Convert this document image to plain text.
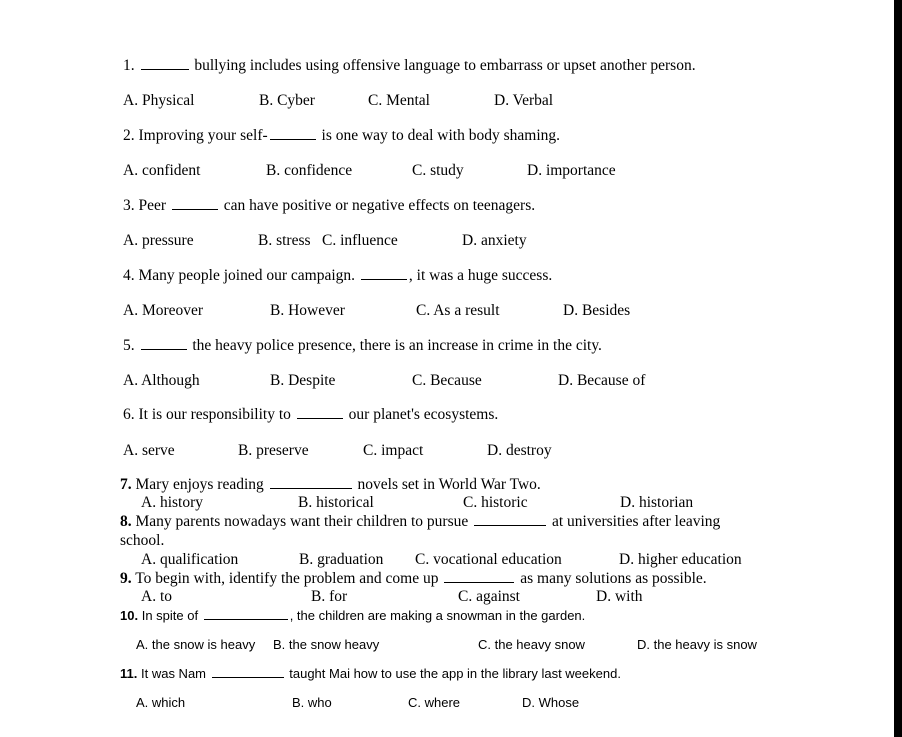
1.	bullying includes using offensive language to embarrass or upset another person.
A. Physical	B. Cyber	C. Mental	D. Verbal
2. Improving your self-	is one way to deal with body shaming.
A. confident	B. confidence	C. study	D. importance
3. Peer	can have positive or negative effects on teenagers.
A. pressure	B. stress C. influence	D. anxiety
4. Many people joined our campaign.	, it was a huge success.
A. Moreover	B. However	C. As a result	D. Besides
5.	the heavy police presence, there is an increase in crime in the city.
A. Although	B. Despite	C. Because	D. Because of
6. It is our responsibility to	our planet's ecosystems.
A. serve	B. preserve	C. impact	D. destroy
7. Mary enjoys reading	novels set in World War Two.
A. history	B. historical	C. historic	D. historian
8. Many parents nowadays want their children to pursue	at universities after leaving
school.
A. qualification	B. graduation C. vocational education	D. higher education
9. To begin with, identify the problem and come up	as many solutions as possible.
A. to	B. for	C. against	D. with
10. In spite of	, the children are making a snowman in the garden.
A. the snow is heavy B. the snow heavy	C. the heavy snow	D. the heavy is snow
11. It was Nam	taught Mai how to use the app in the library last weekend.
A. which	B. who	C. where	D. Whose
